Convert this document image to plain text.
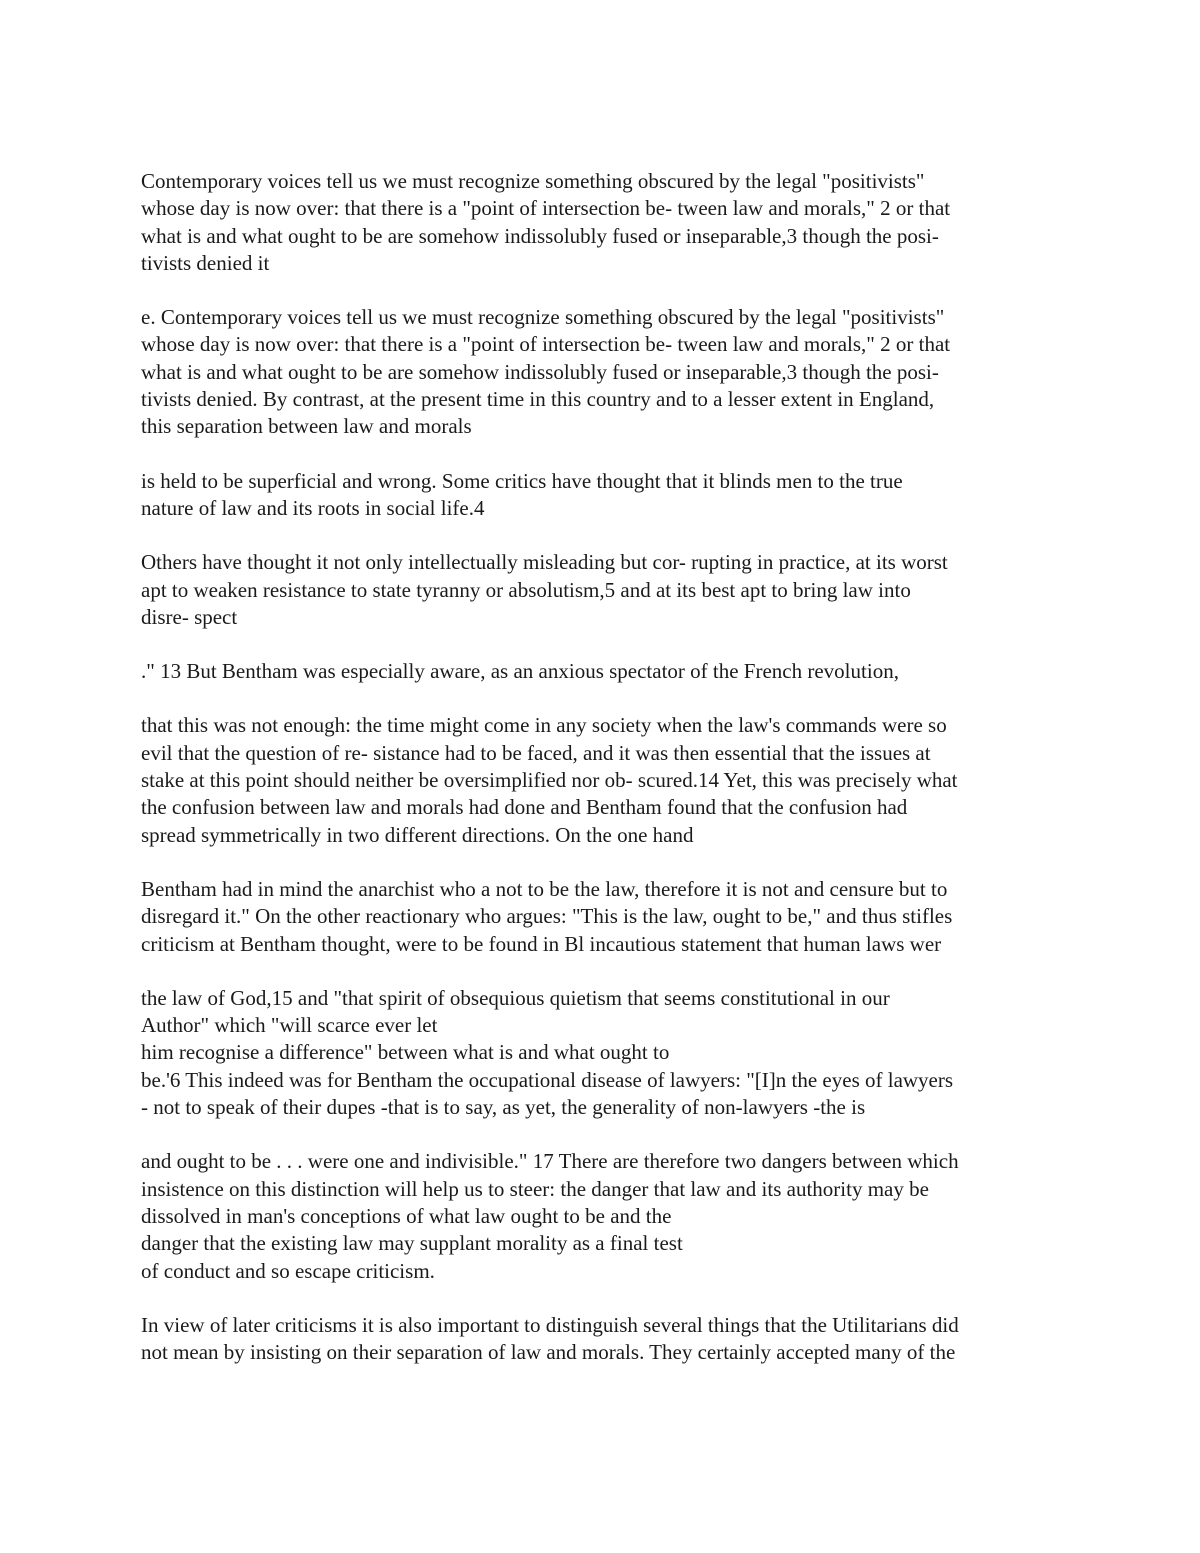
Contemporary voices tell us we must recognize something obscured by the legal "positivists"
whose day is now over: that there is a "point of intersection be- tween law and morals," 2 or that
what is and what ought to be are somehow indissolubly fused or inseparable,3 though the posi-
tivists denied it

e. Contemporary voices tell us we must recognize something obscured by the legal "positivists"
whose day is now over: that there is a "point of intersection be- tween law and morals," 2 or that
what is and what ought to be are somehow indissolubly fused or inseparable,3 though the posi-
tivists denied. By contrast, at the present time in this country and to a lesser extent in England,
this separation between law and morals

is held to be superficial and wrong. Some critics have thought that it blinds men to the true
nature of law and its roots in social life.4

Others have thought it not only intellectually misleading but cor- rupting in practice, at its worst
apt to weaken resistance to state tyranny or absolutism,5 and at its best apt to bring law into
disre- spect

." 13 But Bentham was especially aware, as an anxious spectator of the French revolution,

that this was not enough: the time might come in any society when the law's commands were so
evil that the question of re- sistance had to be faced, and it was then essential that the issues at
stake at this point should neither be oversimplified nor ob- scured.14 Yet, this was precisely what
the confusion between law and morals had done and Bentham found that the confusion had
spread symmetrically in two different directions. On the one hand

Bentham had in mind the anarchist who a not to be the law, therefore it is not and censure but to
disregard it." On the other reactionary who argues: "This is the law, ought to be," and thus stifles
criticism at Bentham thought, were to be found in Bl incautious statement that human laws wer

the law of God,15 and "that spirit of obsequious quietism that seems constitutional in our
Author" which "will scarce ever let
him recognise a difference" between what is and what ought to
be.'6 This indeed was for Bentham the occupational disease of lawyers: "[I]n the eyes of lawyers
- not to speak of their dupes -that is to say, as yet, the generality of non-lawyers -the is

and ought to be . . . were one and indivisible." 17 There are therefore two dangers between which
insistence on this distinction will help us to steer: the danger that law and its authority may be
dissolved in man's conceptions of what law ought to be and the
danger that the existing law may supplant morality as a final test
of conduct and so escape criticism.

In view of later criticisms it is also important to distinguish several things that the Utilitarians did
not mean by insisting on their separation of law and morals. They certainly accepted many of the
